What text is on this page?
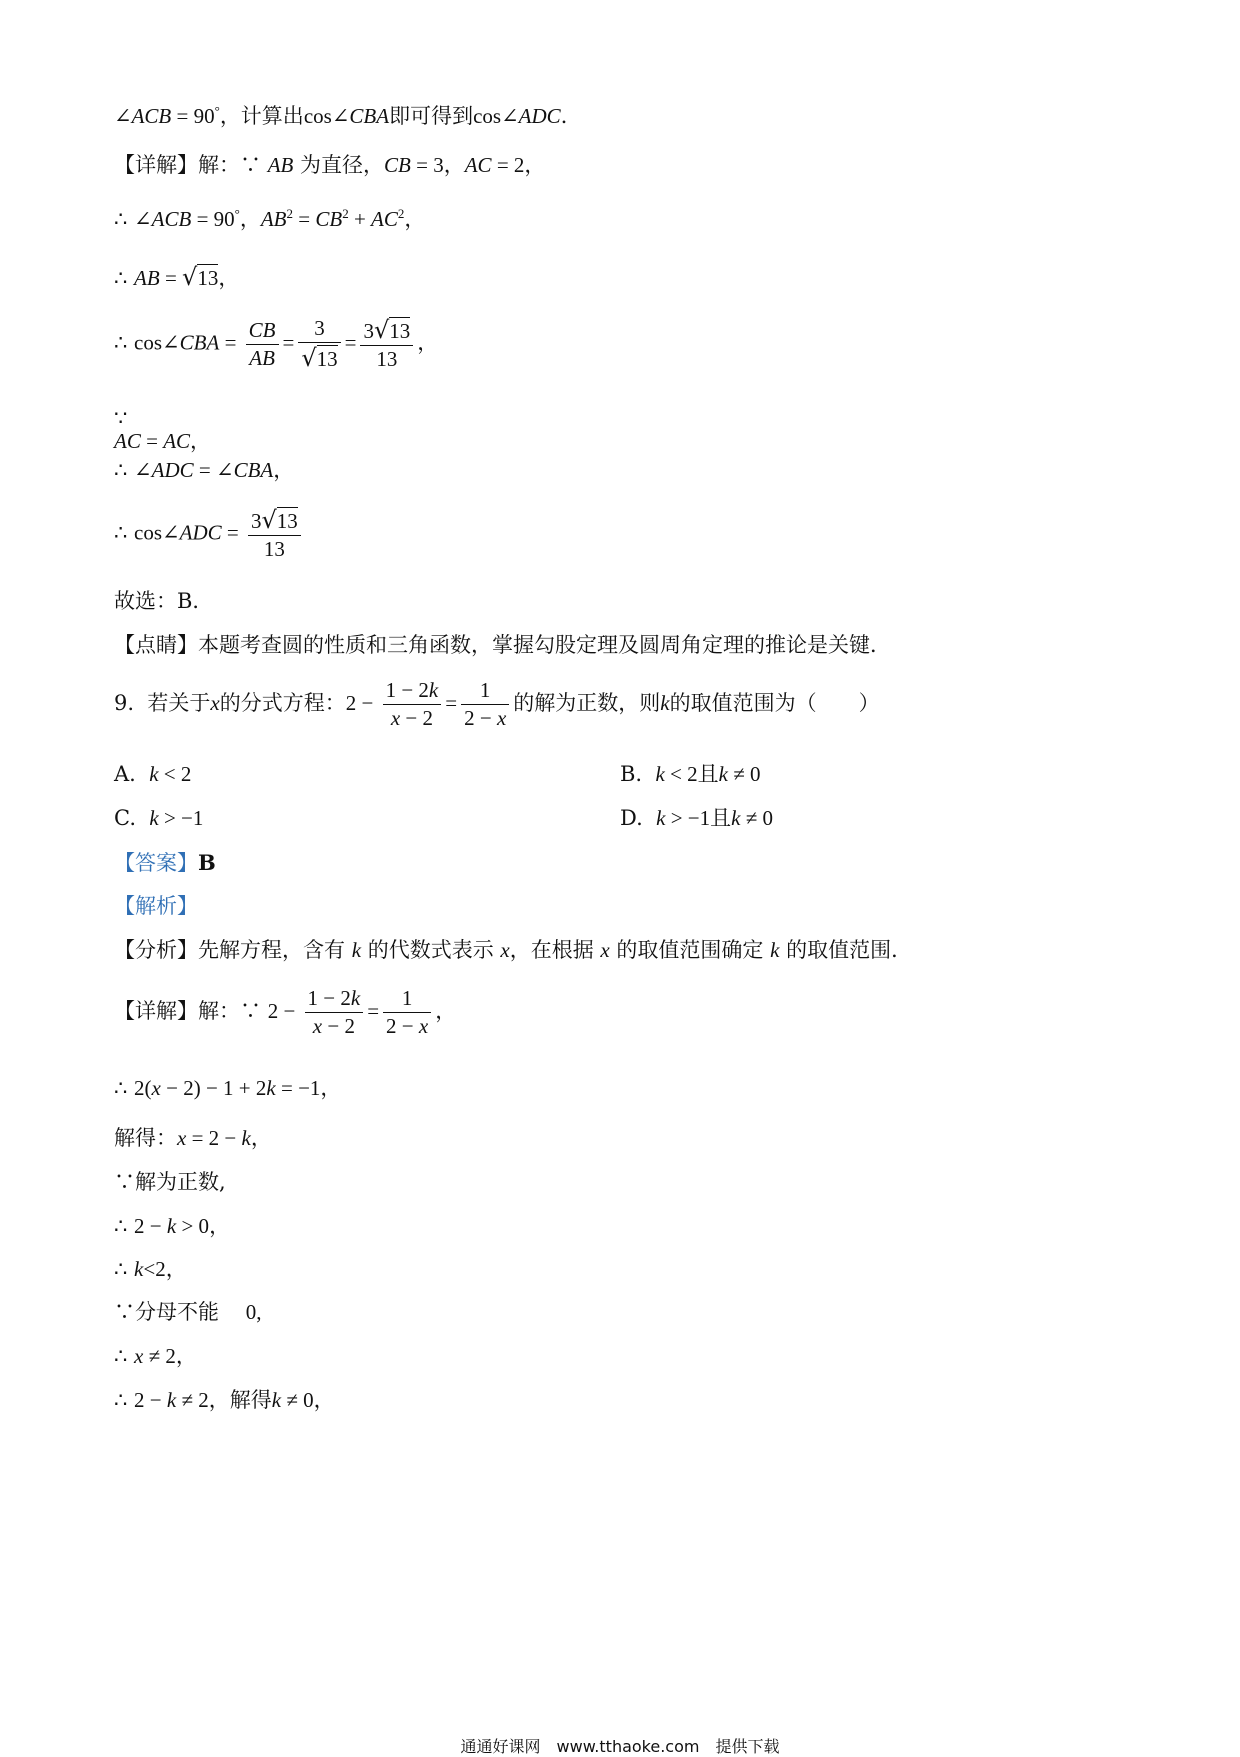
∠ACB = 90°，计算出cos∠CBA即可得到cos∠ADC．
【详解】解：∵ AB 为直径，CB = 3，AC = 2，
∴ ∠ACB = 90°，$AB^2 = CB^2 + AC^2$，
∴ AB = √13，
∴ cos∠CBA = $\frac{CB}{AB} = \frac{3}{√13} = \frac{3√13}{13}$ ，
∵
AC = AC，
∴ ∠ADC = ∠CBA，
∴ cos∠ADC = $\frac{3√13}{13}$
故选：B．
【点睛】本题考查圆的性质和三角函数，掌握勾股定理及圆周角定理的推论是关键．
9. 若关于x的分式方程：$2 - \frac{1 - 2k}{x - 2} = \frac{1}{2 - x}$ 的解为正数，则k的取值范围为（　　）
A. k < 2	B. k < 2且k ≠ 0
C. k > −1	D. k > −1且k ≠ 0
【答案】B
【解析】
【分析】先解方程，含有 k 的代数式表示 x，在根据 x 的取值范围确定 k 的取值范围．
【详解】解：∵ $2 - \frac{1 - 2k}{x - 2} = \frac{1}{2 - x}$ ，
∴ 2(x − 2) − 1 + 2k = −1，
解得：x = 2 − k，
∵解为正数,
∴ 2 − k > 0，
∴ k<2，
∵分母不能 0,
∴ x ≠ 2，
∴ 2 − k ≠ 2，解得k ≠ 0，
通通好课网　www.tthaoke.com　提供下载
